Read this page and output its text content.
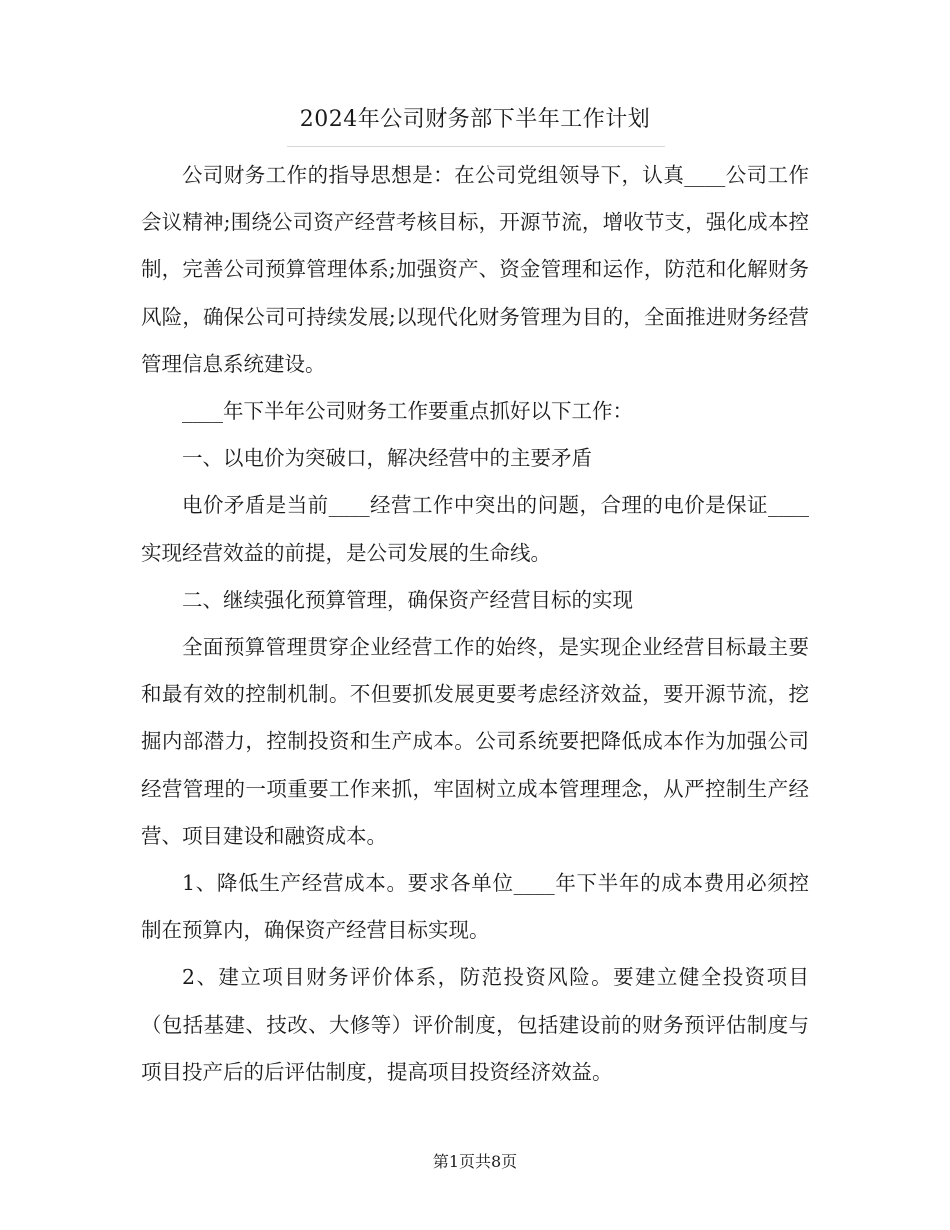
2024年公司财务部下半年工作计划

公司财务工作的指导思想是：在公司党组领导下，认真____公司工作会议精神;围绕公司资产经营考核目标，开源节流，增收节支，强化成本控制，完善公司预算管理体系;加强资产、资金管理和运作，防范和化解财务风险，确保公司可持续发展;以现代化财务管理为目的，全面推进财务经营管理信息系统建设。

____年下半年公司财务工作要重点抓好以下工作：

一、以电价为突破口，解决经营中的主要矛盾

电价矛盾是当前____经营工作中突出的问题，合理的电价是保证____实现经营效益的前提，是公司发展的生命线。

二、继续强化预算管理，确保资产经营目标的实现

全面预算管理贯穿企业经营工作的始终，是实现企业经营目标最主要和最有效的控制机制。不但要抓发展更要考虑经济效益，要开源节流，挖掘内部潜力，控制投资和生产成本。公司系统要把降低成本作为加强公司经营管理的一项重要工作来抓，牢固树立成本管理理念，从严控制生产经营、项目建设和融资成本。

1、降低生产经营成本。要求各单位____年下半年的成本费用必须控制在预算内，确保资产经营目标实现。

2、建立项目财务评价体系，防范投资风险。要建立健全投资项目（包括基建、技改、大修等）评价制度，包括建设前的财务预评估制度与项目投产后的后评估制度，提高项目投资经济效益。

第1页共8页
